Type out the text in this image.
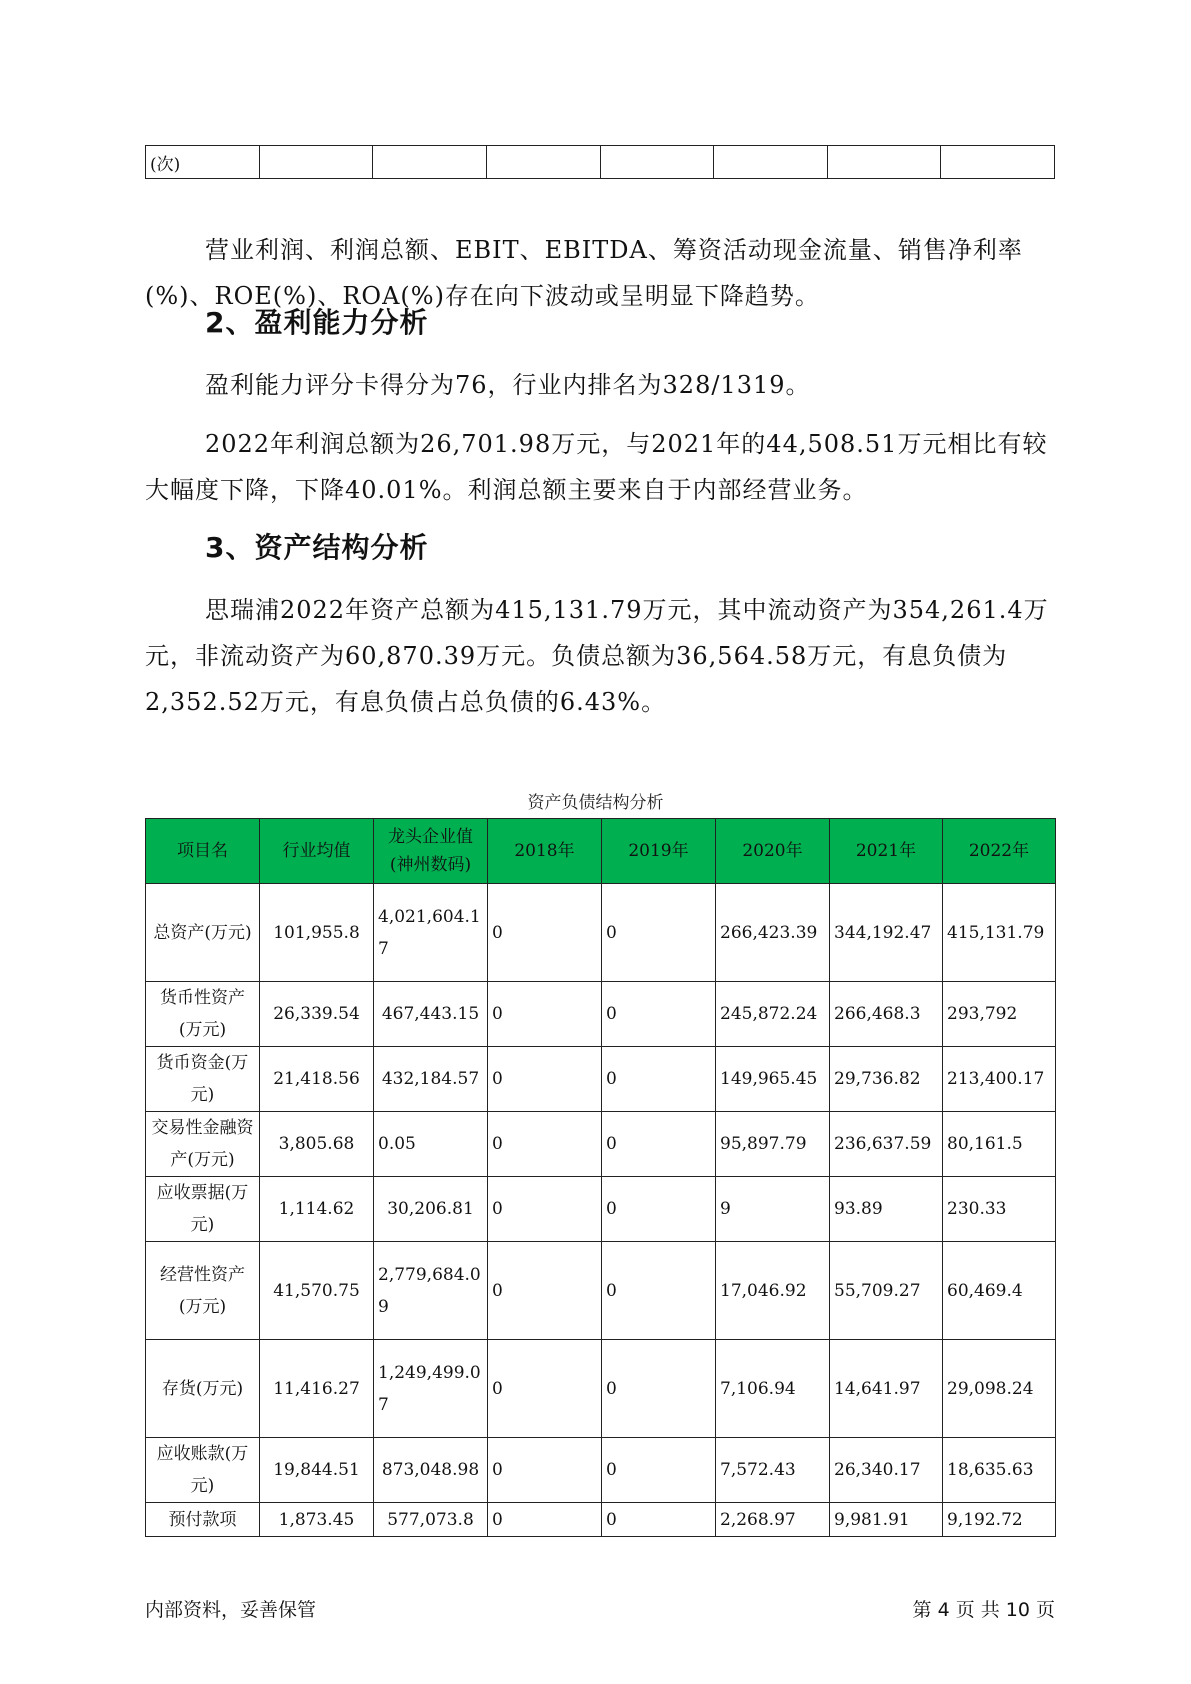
(次)							

营业利润、利润总额、EBIT、EBITDA、筹资活动现金流量、销售净利率(%)、ROE(%)、ROA(%)存在向下波动或呈明显下降趋势。

2、盈利能力分析

盈利能力评分卡得分为76，行业内排名为328/1319。

2022年利润总额为26,701.98万元，与2021年的44,508.51万元相比有较大幅度下降，下降40.01%。利润总额主要来自于内部经营业务。

3、资产结构分析

思瑞浦2022年资产总额为415,131.79万元，其中流动资产为354,261.4万元，非流动资产为60,870.39万元。负债总额为36,564.58万元，有息负债为2,352.52万元，有息负债占总负债的6.43%。

资产负债结构分析
项目名	行业均值	龙头企业值(神州数码)	2018年	2019年	2020年	2021年	2022年
总资产(万元)	101,955.8	4,021,604.17	0	0	266,423.39	344,192.47	415,131.79
货币性资产(万元)	26,339.54	467,443.15	0	0	245,872.24	266,468.3	293,792
货币资金(万元)	21,418.56	432,184.57	0	0	149,965.45	29,736.82	213,400.17
交易性金融资产(万元)	3,805.68	0.05	0	0	95,897.79	236,637.59	80,161.5
应收票据(万元)	1,114.62	30,206.81	0	0	9	93.89	230.33
经营性资产(万元)	41,570.75	2,779,684.09	0	0	17,046.92	55,709.27	60,469.4
存货(万元)	11,416.27	1,249,499.07	0	0	7,106.94	14,641.97	29,098.24
应收账款(万元)	19,844.51	873,048.98	0	0	7,572.43	26,340.17	18,635.63
预付款项	1,873.45	577,073.8	0	0	2,268.97	9,981.91	9,192.72
内部资料，妥善保管	第 4 页 共 10 页
